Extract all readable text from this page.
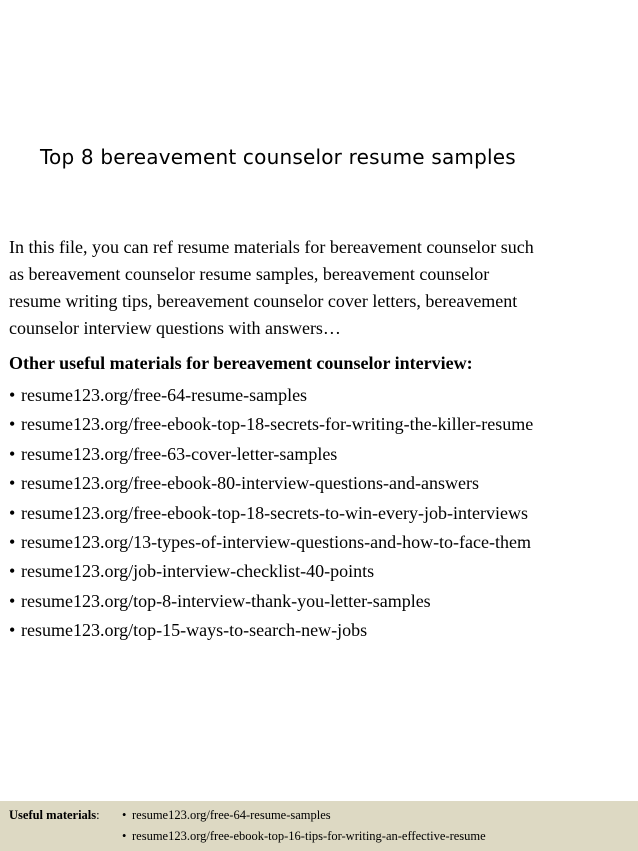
Top 8 bereavement counselor resume samples

In this file, you can ref resume materials for bereavement counselor such
as bereavement counselor resume samples, bereavement counselor
resume writing tips, bereavement counselor cover letters, bereavement
counselor interview questions with answers…

Other useful materials for bereavement counselor interview:
• resume123.org/free-64-resume-samples
• resume123.org/free-ebook-top-18-secrets-for-writing-the-killer-resume
• resume123.org/free-63-cover-letter-samples
• resume123.org/free-ebook-80-interview-questions-and-answers
• resume123.org/free-ebook-top-18-secrets-to-win-every-job-interviews
• resume123.org/13-types-of-interview-questions-and-how-to-face-them
• resume123.org/job-interview-checklist-40-points
• resume123.org/top-8-interview-thank-you-letter-samples
• resume123.org/top-15-ways-to-search-new-jobs
Useful materials: • resume123.org/free-64-resume-samples
• resume123.org/free-ebook-top-16-tips-for-writing-an-effective-resume
